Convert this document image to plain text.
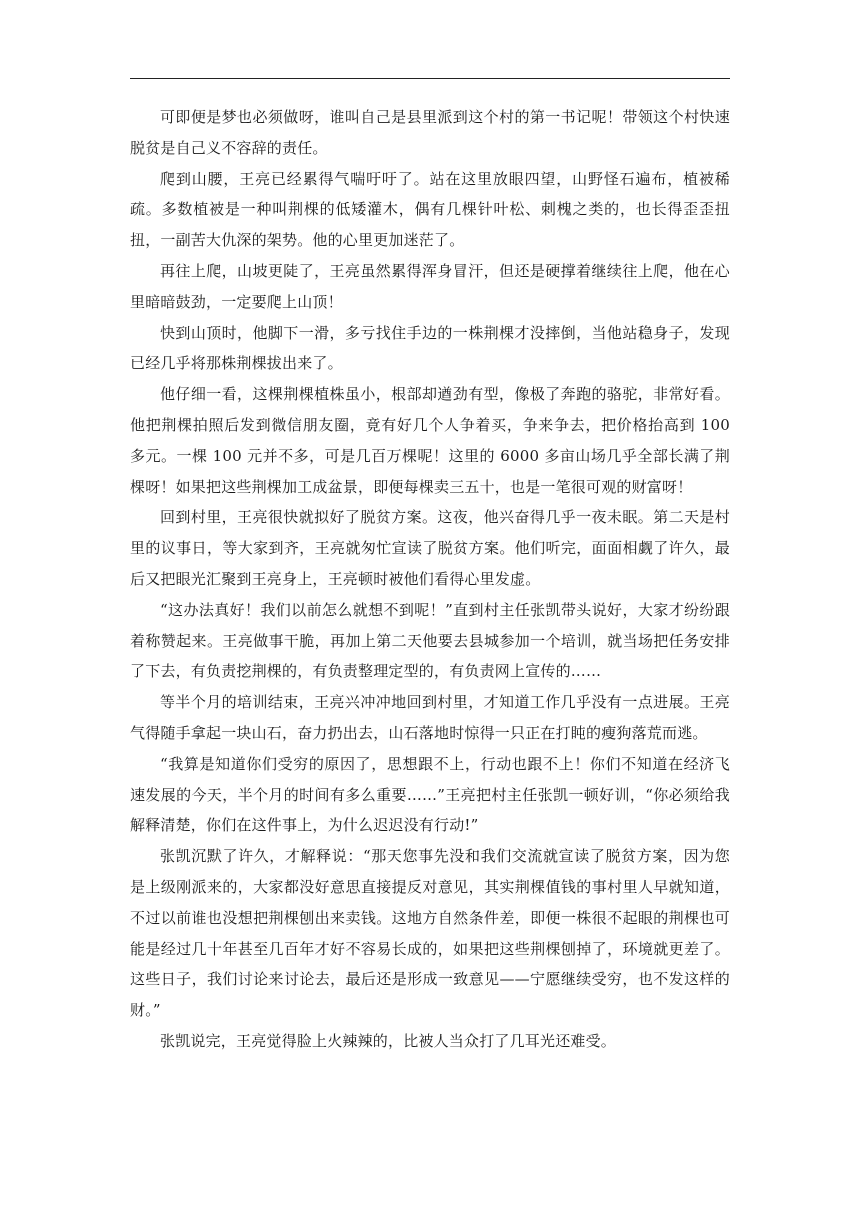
可即便是梦也必须做呀，谁叫自己是县里派到这个村的第一书记呢！带领这个村快速脱贫是自己义不容辞的责任。

爬到山腰，王亮已经累得气喘吁吁了。站在这里放眼四望，山野怪石遍布，植被稀疏。多数植被是一种叫荆棵的低矮灌木，偶有几棵针叶松、刺槐之类的，也长得歪歪扭扭，一副苦大仇深的架势。他的心里更加迷茫了。

再往上爬，山坡更陡了，王亮虽然累得浑身冒汗，但还是硬撑着继续往上爬，他在心里暗暗鼓劲，一定要爬上山顶！

快到山顶时，他脚下一滑，多亏找住手边的一株荆棵才没摔倒，当他站稳身子，发现已经几乎将那株荆棵拔出来了。

他仔细一看，这棵荆棵植株虽小，根部却遒劲有型，像极了奔跑的骆驼，非常好看。他把荆棵拍照后发到微信朋友圈，竟有好几个人争着买，争来争去，把价格抬高到 100 多元。一棵 100 元并不多，可是几百万棵呢！这里的 6000 多亩山场几乎全部长满了荆棵呀！如果把这些荆棵加工成盆景，即便每棵卖三五十，也是一笔很可观的财富呀！

回到村里，王亮很快就拟好了脱贫方案。这夜，他兴奋得几乎一夜未眠。第二天是村里的议事日，等大家到齐，王亮就匆忙宣读了脱贫方案。他们听完，面面相觑了许久，最后又把眼光汇聚到王亮身上，王亮顿时被他们看得心里发虚。

“这办法真好！我们以前怎么就想不到呢！”直到村主任张凯带头说好，大家才纷纷跟着称赞起来。王亮做事干脆，再加上第二天他要去县城参加一个培训，就当场把任务安排了下去，有负责挖荆棵的，有负责整理定型的，有负责网上宣传的……

等半个月的培训结束，王亮兴冲冲地回到村里，才知道工作几乎没有一点进展。王亮气得随手拿起一块山石，奋力扔出去，山石落地时惊得一只正在打盹的瘦狗落荒而逃。

“我算是知道你们受穷的原因了，思想跟不上，行动也跟不上！你们不知道在经济飞速发展的今天，半个月的时间有多么重要……”王亮把村主任张凯一顿好训，“你必须给我解释清楚，你们在这件事上，为什么迟迟没有行动!”

张凯沉默了许久，才解释说：“那天您事先没和我们交流就宣读了脱贫方案，因为您是上级刚派来的，大家都没好意思直接提反对意见，其实荆棵值钱的事村里人早就知道，不过以前谁也没想把荆棵刨出来卖钱。这地方自然条件差，即便一株很不起眼的荆棵也可能是经过几十年甚至几百年才好不容易长成的，如果把这些荆棵刨掉了，环境就更差了。这些日子，我们讨论来讨论去，最后还是形成一致意见——宁愿继续受穷，也不发这样的财。”

张凯说完，王亮觉得脸上火辣辣的，比被人当众打了几耳光还难受。
